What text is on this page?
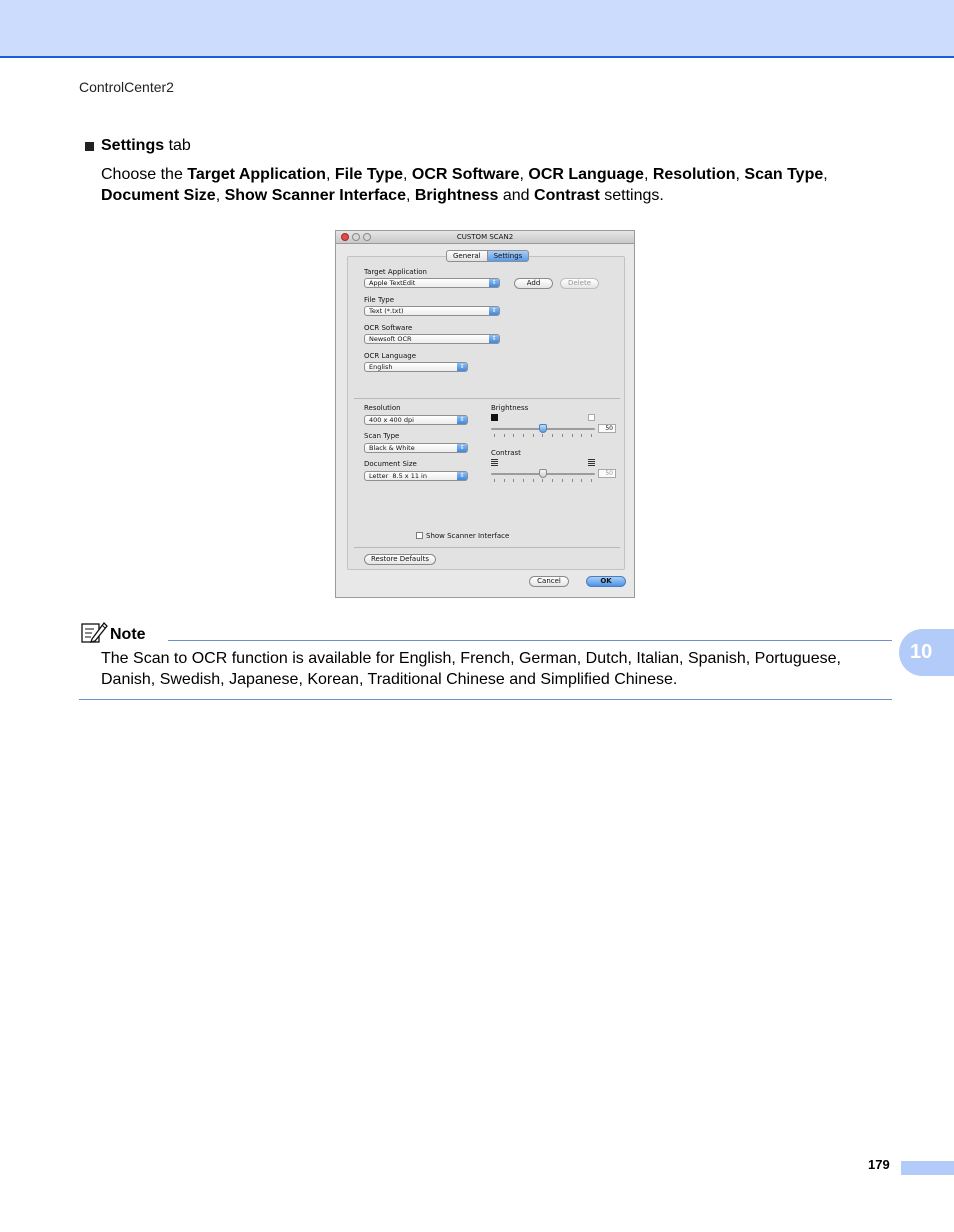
ControlCenter2
Settings tab
Choose the Target Application, File Type, OCR Software, OCR Language, Resolution, Scan Type, Document Size, Show Scanner Interface, Brightness and Contrast settings.
CUSTOM SCAN2
General	Settings
Target Application
Apple TextEdit	⇕	Add	Delete
File Type
Text (*.txt)	⇕
OCR Software
Newsoft OCR	⇕
OCR Language
English	⇕
Resolution
400 x 400 dpi	⇕
Scan Type
Black & White	⇕
Document Size
Letter  8.5 x 11 in	⇕
Brightness
50
Contrast
50
Show Scanner Interface
Restore Defaults
Cancel	OK
Note
The Scan to OCR function is available for English, French, German, Dutch, Italian, Spanish, Portuguese, Danish, Swedish, Japanese, Korean, Traditional Chinese and Simplified Chinese.
10
179
